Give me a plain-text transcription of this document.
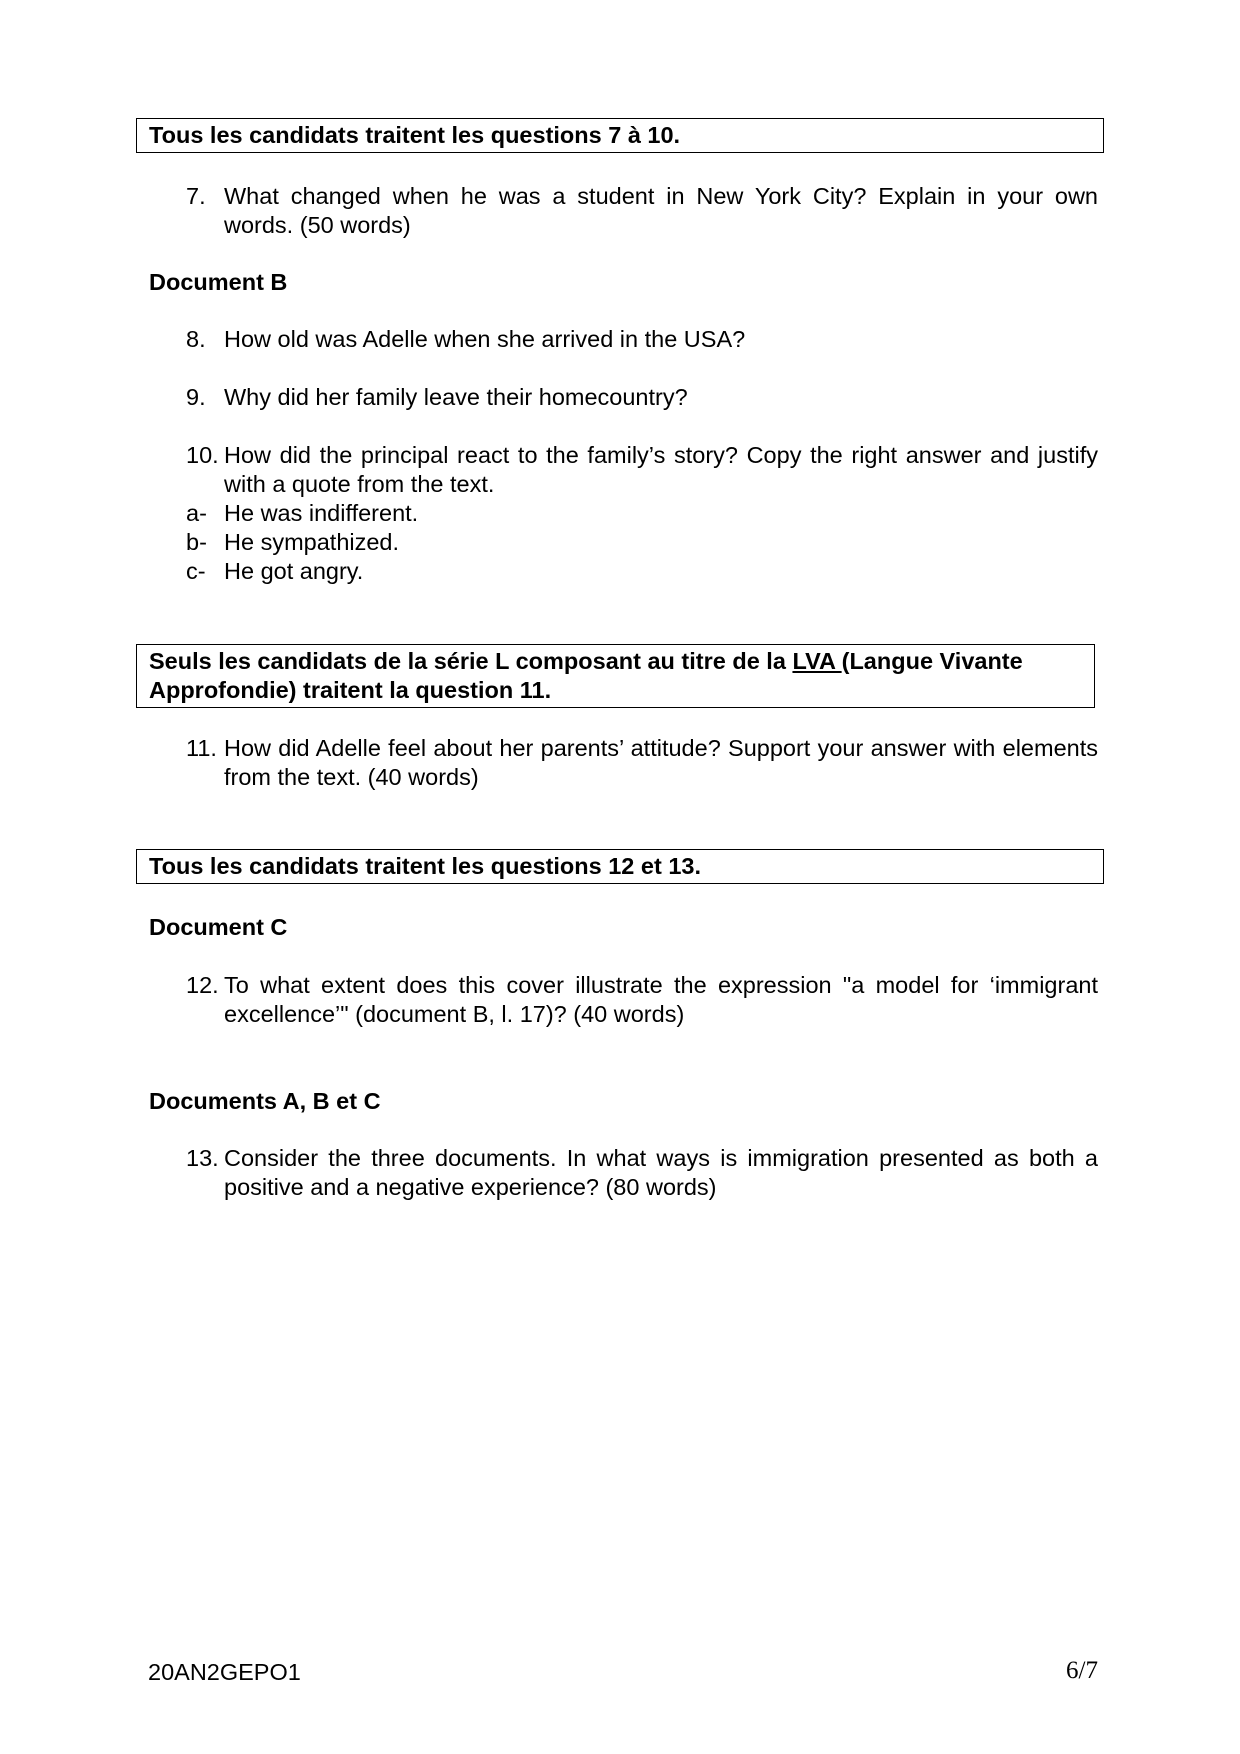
Tous les candidats traitent les questions 7 à 10.
7. What changed when he was a student in New York City? Explain in your own words. (50 words)
Document B
8. How old was Adelle when she arrived in the USA?
9. Why did her family leave their homecountry?
10. How did the principal react to the family’s story? Copy the right answer and justify with a quote from the text.
a- He was indifferent.
b- He sympathized.
c- He got angry.
Seuls les candidats de la série L composant au titre de la LVA (Langue Vivante Approfondie) traitent la question 11.
11. How did Adelle feel about her parents’ attitude? Support your answer with elements from the text. (40 words)
Tous les candidats traitent les questions 12 et 13.
Document C
12. To what extent does this cover illustrate the expression "a model for ‘immigrant excellence’" (document B, l. 17)? (40 words)
Documents A, B et C
13. Consider the three documents. In what ways is immigration presented as both a positive and a negative experience? (80 words)
20AN2GEPO1	6/7
